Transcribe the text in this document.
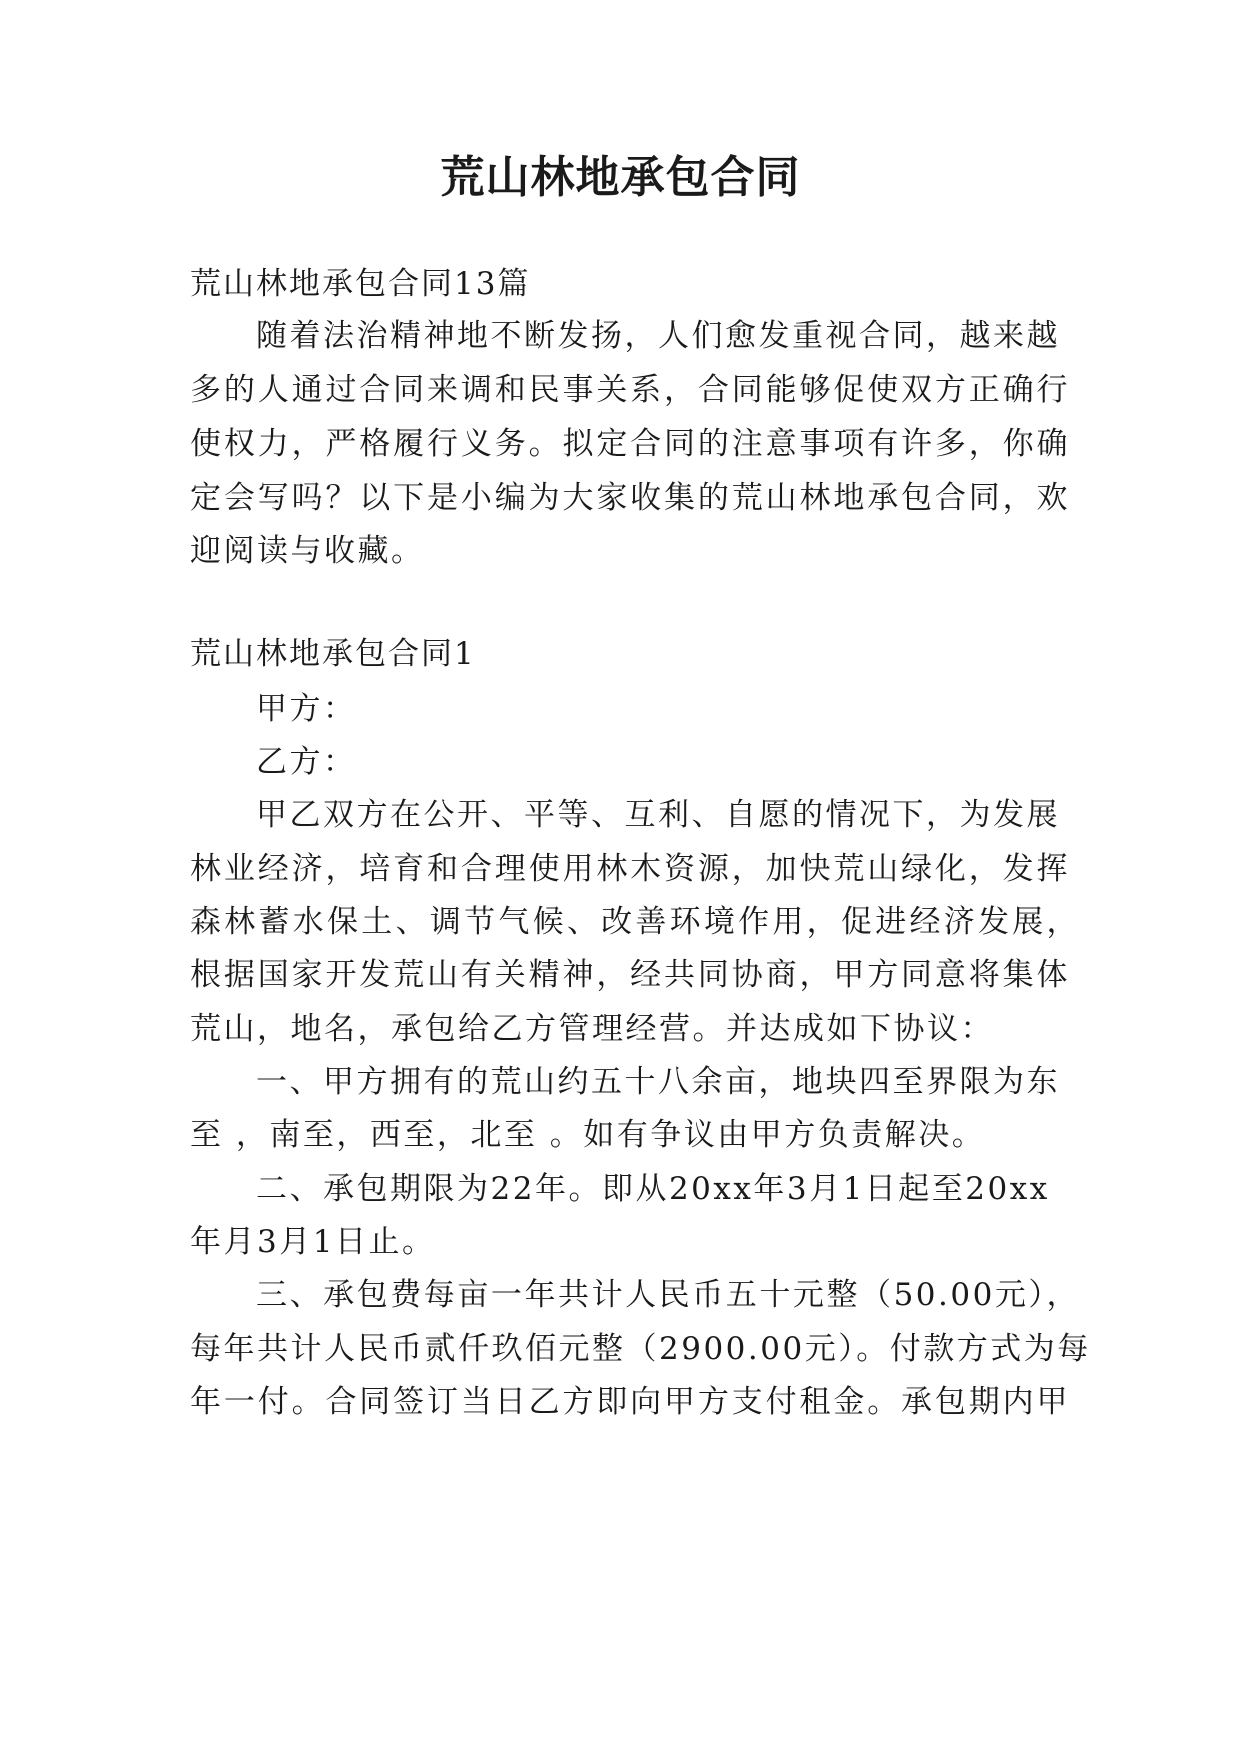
荒山林地承包合同

荒山林地承包合同13篇

随着法治精神地不断发扬，人们愈发重视合同，越来越

多的人通过合同来调和民事关系，合同能够促使双方正确行

使权力，严格履行义务。拟定合同的注意事项有许多，你确

定会写吗？以下是小编为大家收集的荒山林地承包合同，欢

迎阅读与收藏。

荒山林地承包合同1

甲方：

乙方：

甲乙双方在公开、平等、互利、自愿的情况下，为发展

林业经济，培育和合理使用林木资源，加快荒山绿化，发挥

森林蓄水保土、调节气候、改善环境作用，促进经济发展，

根据国家开发荒山有关精神，经共同协商，甲方同意将集体

荒山，地名，承包给乙方管理经营。并达成如下协议：

一、甲方拥有的荒山约五十八余亩，地块四至界限为东

至 ，南至，西至，北至 。如有争议由甲方负责解决。

二、承包期限为22年。即从20xx年3月1日起至20xx

年月3月1日止。

三、承包费每亩一年共计人民币五十元整（50.00元），

每年共计人民币贰仟玖佰元整（2900.00元）。付款方式为每

年一付。合同签订当日乙方即向甲方支付租金。承包期内甲
